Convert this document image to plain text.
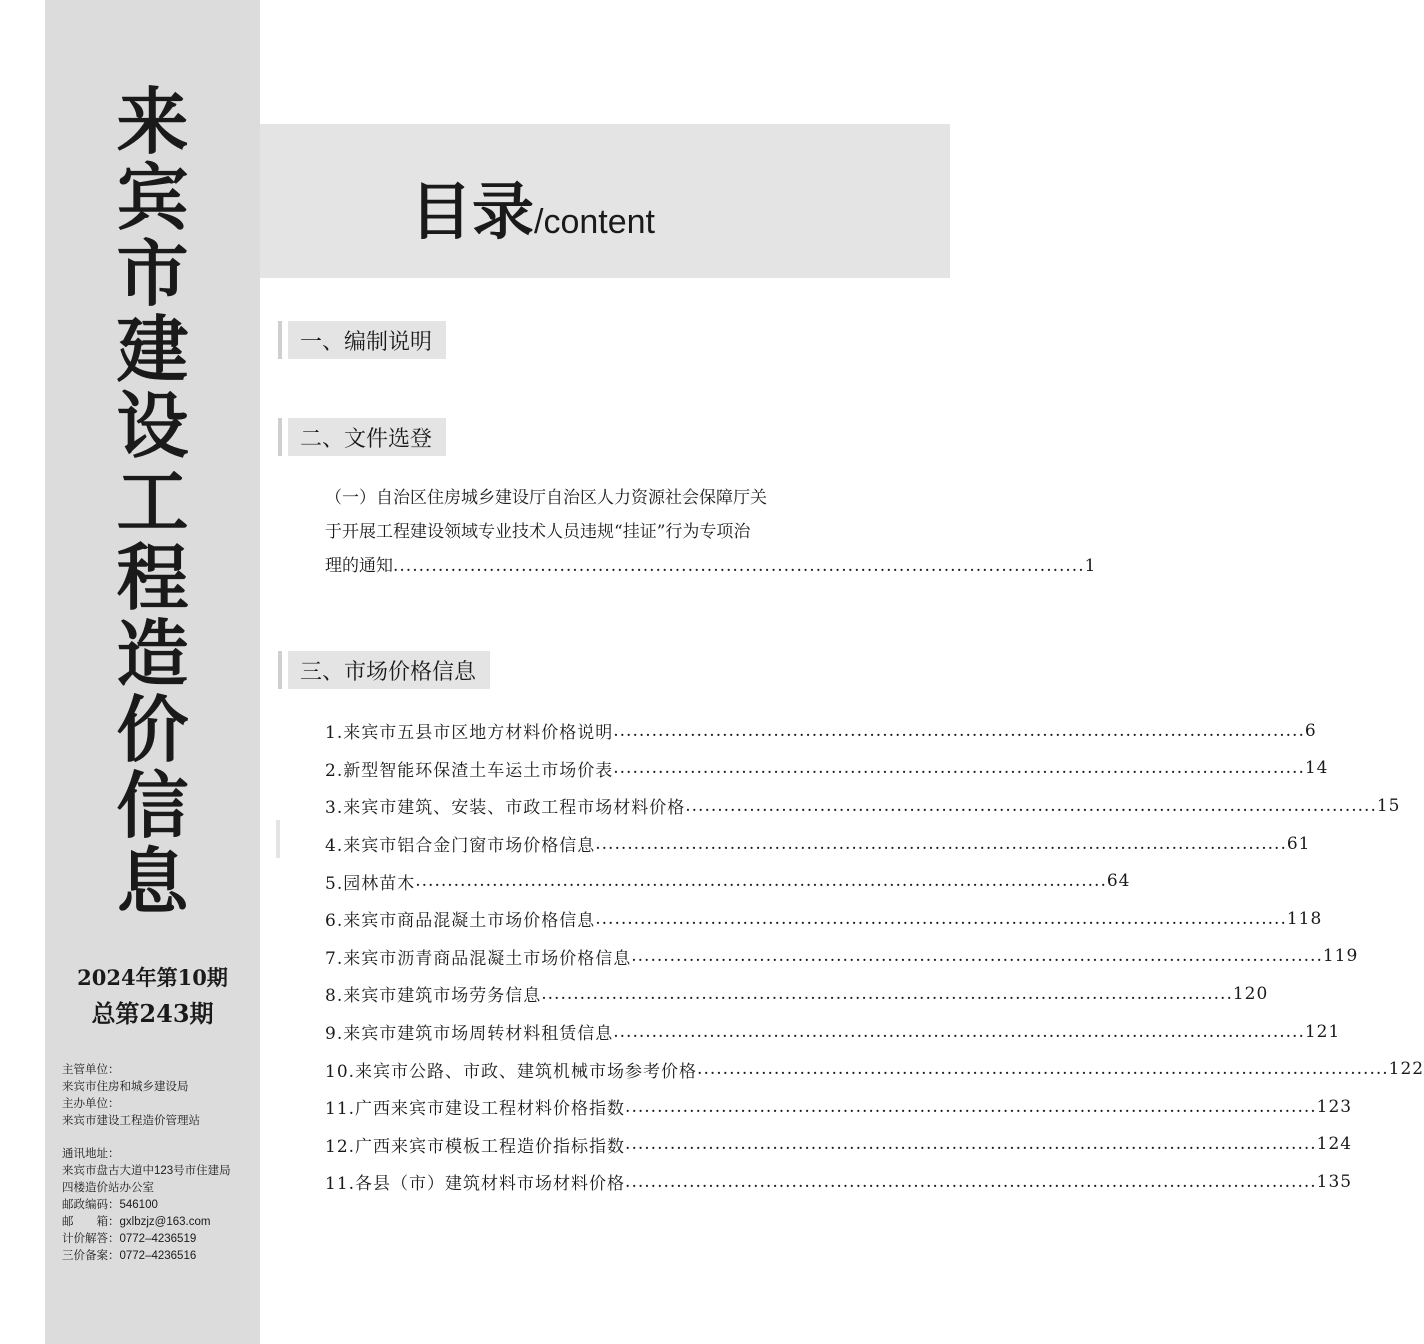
来
宾
市
建
设
工
程
造
价
信
息
2024年第10期
总第243期
主管单位：
来宾市住房和城乡建设局
主办单位：
来宾市建设工程造价管理站
通讯地址：
来宾市盘古大道中123号市住建局
四楼造价站办公室
邮政编码：546100
邮　　箱：gxlbzjz@163.com
计价解答：0772–4236519
三价备案：0772–4236516
目录/content
一、编制说明
二、文件选登
（一）自治区住房城乡建设厅自治区人力资源社会保障厅关
于开展工程建设领域专业技术人员违规“挂证”行为专项治
理的通知 ............................................................................................................ 1
三、市场价格信息
1.来宾市五县市区地方材料价格说明 ............................................................................................................ 6
2.新型智能环保渣土车运土市场价表 ............................................................................................................ 14
3.来宾市建筑、安装、市政工程市场材料价格 ............................................................................................................ 15
4.来宾市铝合金门窗市场价格信息 ............................................................................................................ 61
5.园林苗木 ............................................................................................................ 64
6.来宾市商品混凝土市场价格信息 ............................................................................................................ 118
7.来宾市沥青商品混凝土市场价格信息 ............................................................................................................ 119
8.来宾市建筑市场劳务信息 ............................................................................................................ 120
9.来宾市建筑市场周转材料租赁信息 ............................................................................................................ 121
10.来宾市公路、市政、建筑机械市场参考价格 ............................................................................................................ 122
11.广西来宾市建设工程材料价格指数 ............................................................................................................ 123
12.广西来宾市模板工程造价指标指数 ............................................................................................................ 124
11.各县（市）建筑材料市场材料价格 ............................................................................................................ 135
